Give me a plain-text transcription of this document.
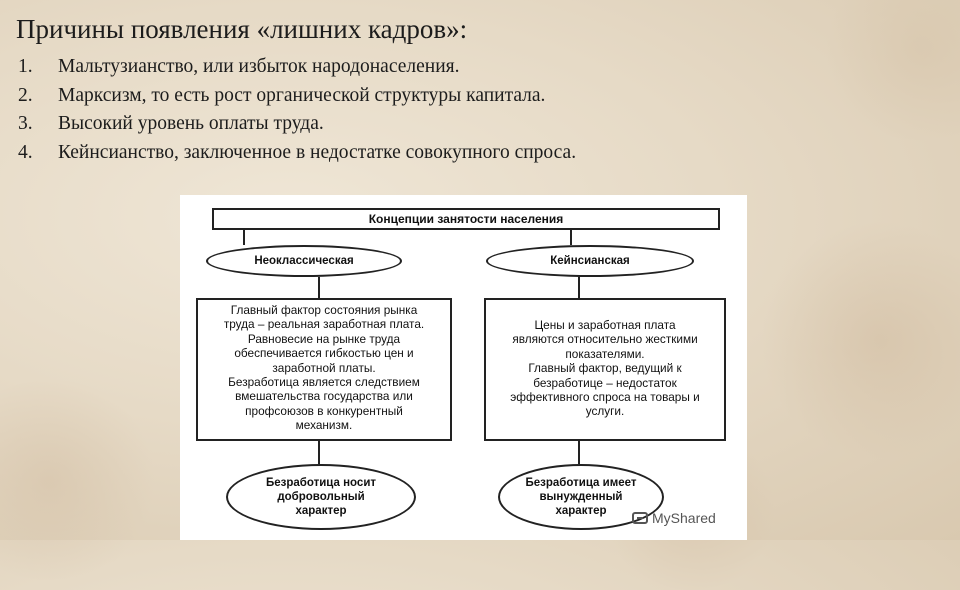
Причины появления «лишних кадров»:
1.	Мальтузианство, или избыток народонаселения.
2.	Марксизм, то есть рост органической структуры капитала.
3.	Высокий уровень оплаты труда.
4.	Кейнсианство, заключенное в недостатке совокупного спроса.
Концепции занятости населения
Неоклассическая	Кейнсианская
Главный фактор состояния рынка
труда – реальная заработная плата.
Равновесие на рынке труда
обеспечивается гибкостью цен и
заработной платы.
Безработица является следствием
вмешательства государства или
профсоюзов в конкурентный
механизм.
Цены и заработная плата
являются относительно жесткими
показателями.
Главный фактор, ведущий к
безработице – недостаток
эффективного спроса на товары и
услуги.
Безработица носит
добровольный
характер
Безработица имеет
вынужденный
характер	MyShared
